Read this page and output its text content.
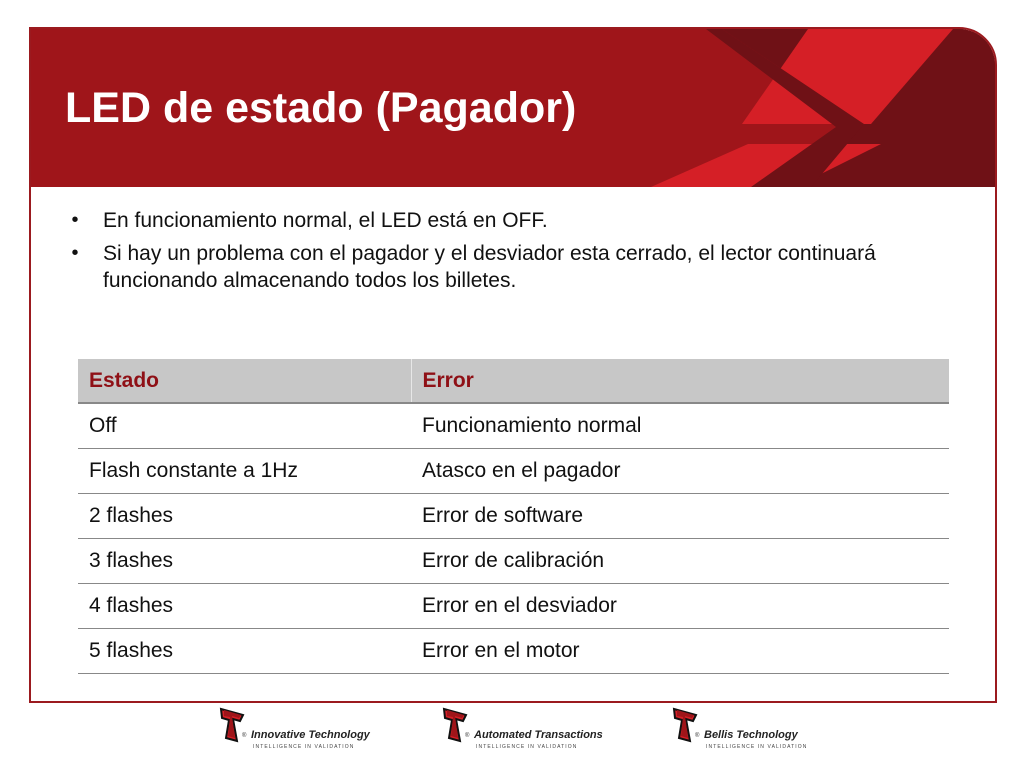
LED de estado (Pagador)
•	En funcionamiento normal, el LED está en OFF.
•	Si hay un problema con el pagador y el desviador esta cerrado, el lector continuará funcionando almacenando todos los billetes.
Estado	Error
Off	Funcionamiento normal
Flash constante a 1Hz	Atasco en el pagador
2 flashes	Error de software
3 flashes	Error de calibración
4 flashes	Error en el desviador
5 flashes	Error en el motor
® Innovative Technology
INTELLIGENCE IN VALIDATION
® Automated Transactions
INTELLIGENCE IN VALIDATION
® Bellis Technology
INTELLIGENCE IN VALIDATION
